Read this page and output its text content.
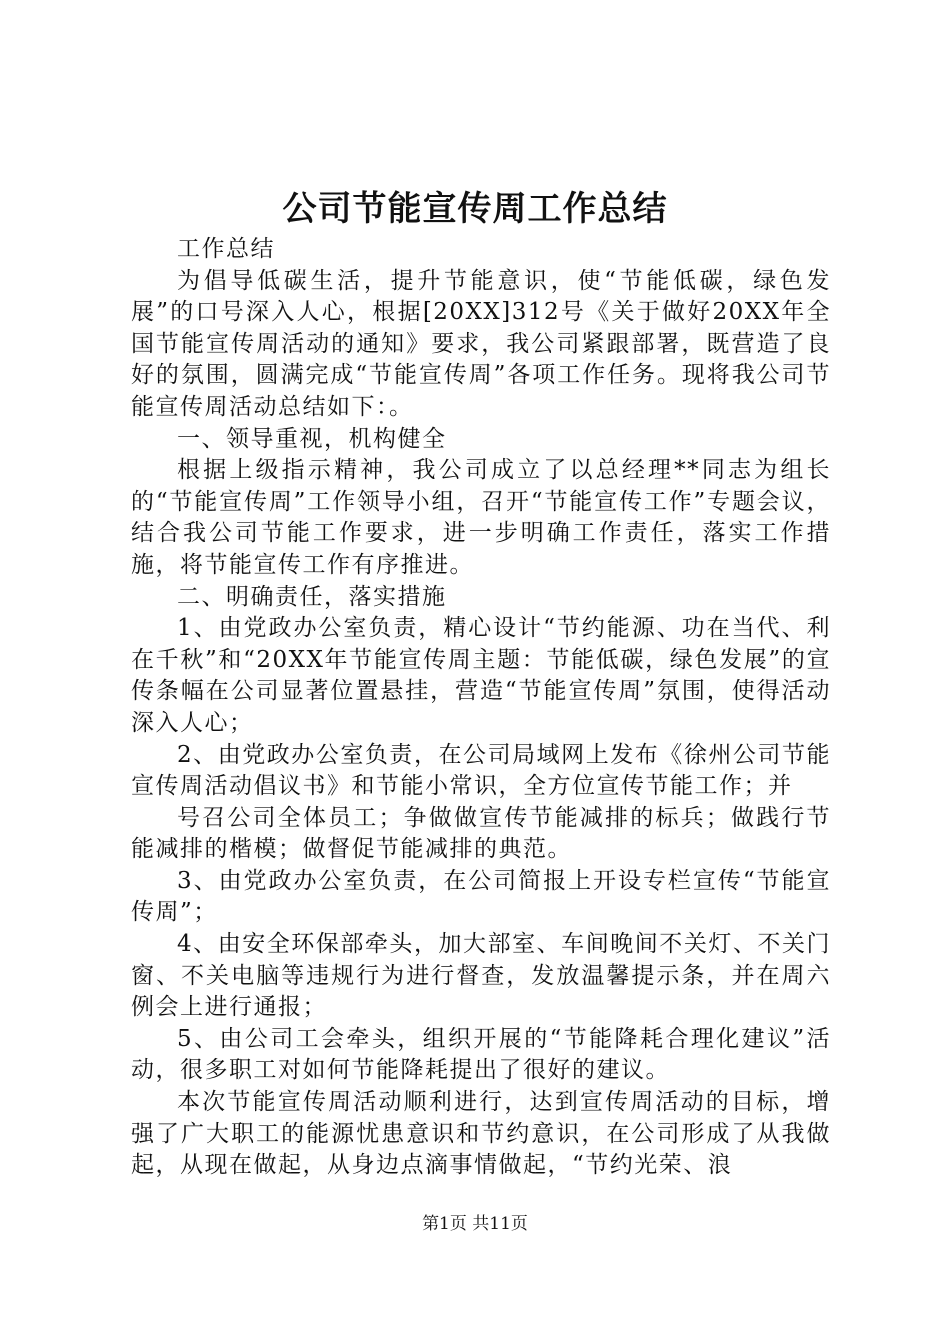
公司节能宣传周工作总结

工作总结

为倡导低碳生活，提升节能意识，使“节能低碳，绿色发展”的口号深入人心，根据[20XX]312号《关于做好20XX年全国节能宣传周活动的通知》要求，我公司紧跟部署，既营造了良好的氛围，圆满完成“节能宣传周”各项工作任务。现将我公司节能宣传周活动总结如下：。

一、领导重视，机构健全

根据上级指示精神，我公司成立了以总经理**同志为组长的“节能宣传周”工作领导小组，召开“节能宣传工作”专题会议，结合我公司节能工作要求，进一步明确工作责任，落实工作措施，将节能宣传工作有序推进。

二、明确责任，落实措施

1、由党政办公室负责，精心设计“节约能源、功在当代、利在千秋”和“20XX年节能宣传周主题：节能低碳，绿色发展”的宣传条幅在公司显著位置悬挂，营造“节能宣传周”氛围，使得活动深入人心；

2、由党政办公室负责，在公司局域网上发布《徐州公司节能宣传周活动倡议书》和节能小常识，全方位宣传节能工作；并

号召公司全体员工；争做做宣传节能减排的标兵；做践行节能减排的楷模；做督促节能减排的典范。

3、由党政办公室负责，在公司简报上开设专栏宣传“节能宣传周”；

4、由安全环保部牵头，加大部室、车间晚间不关灯、不关门窗、不关电脑等违规行为进行督查，发放温馨提示条，并在周六例会上进行通报；

5、由公司工会牵头，组织开展的“节能降耗合理化建议”活动，很多职工对如何节能降耗提出了很好的建议。

本次节能宣传周活动顺利进行，达到宣传周活动的目标，增强了广大职工的能源忧患意识和节约意识，在公司形成了从我做起，从现在做起，从身边点滴事情做起，“节约光荣、浪

第1页 共11页
